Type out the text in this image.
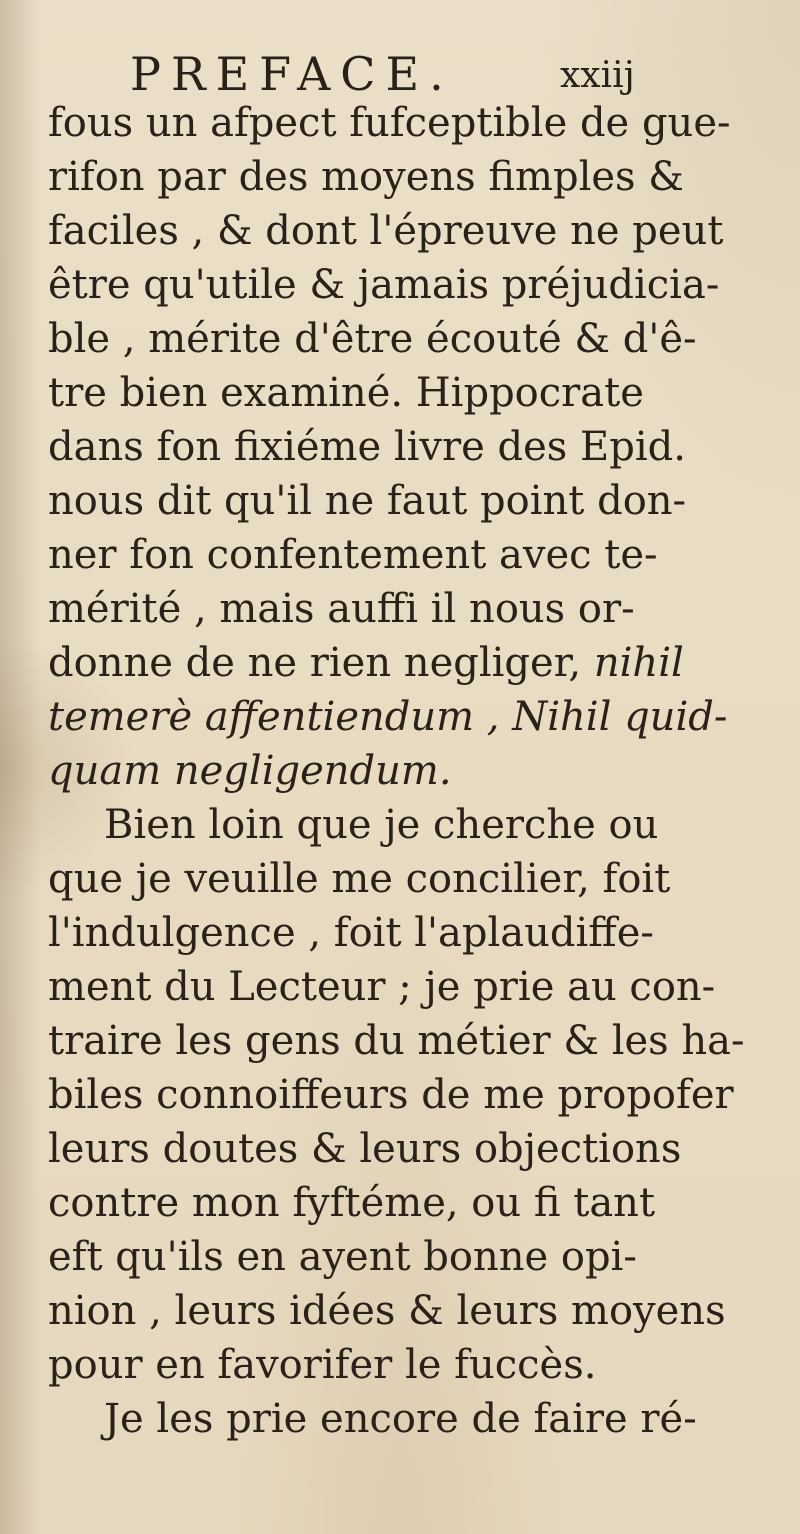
PREFACE.	xxiij
fous un afpect fufceptible de gue-
rifon par des moyens fimples &
faciles , & dont l'épreuve ne peut
être qu'utile & jamais préjudicia-
ble , mérite d'être écouté & d'ê-
tre bien examiné. Hippocrate
dans fon fixiéme livre des Epid.
nous dit qu'il ne faut point don-
ner fon confentement avec te-
mérité , mais auffi il nous or-
donne de ne rien negliger, nihil
temerè affentiendum , Nihil quid-
quam negligendum.
Bien loin que je cherche ou
que je veuille me concilier, foit
l'indulgence , foit l'aplaudiffe-
ment du Lecteur ; je prie au con-
traire les gens du métier & les ha-
biles connoiffeurs de me propofer
leurs doutes & leurs objections
contre mon fyftéme, ou fi tant
eft qu'ils en ayent bonne opi-
nion , leurs idées & leurs moyens
pour en favorifer le fuccès.
Je les prie encore de faire ré-
